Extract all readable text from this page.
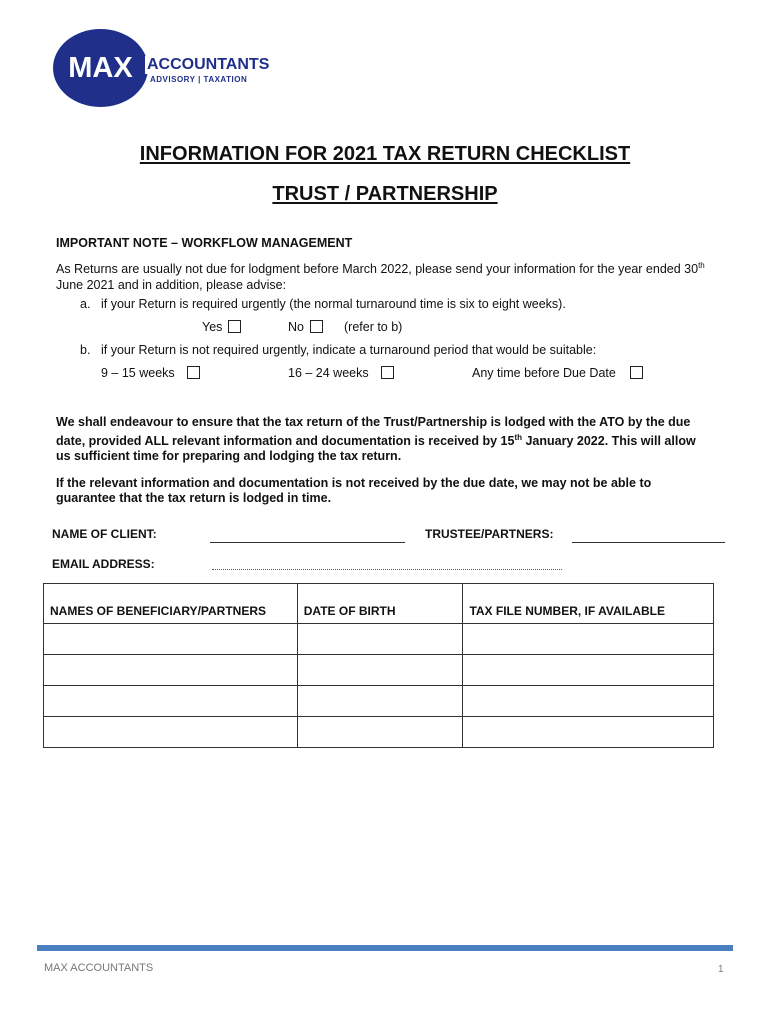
MAX ACCOUNTANTS
ADVISORY | TAXATION
INFORMATION FOR 2021 TAX RETURN CHECKLIST
TRUST / PARTNERSHIP
IMPORTANT NOTE – WORKFLOW MANAGEMENT
As Returns are usually not due for lodgment before March 2022, please send your information for the year ended 30th June 2021 and in addition, please advise:
a. if your Return is required urgently (the normal turnaround time is six to eight weeks).
Yes	No	(refer to b)
b. if your Return is not required urgently, indicate a turnaround period that would be suitable:
9 – 15 weeks	16 – 24 weeks	Any time before Due Date
We shall endeavour to ensure that the tax return of the Trust/Partnership is lodged with the ATO by the due date, provided ALL relevant information and documentation is received by 15th January 2022. This will allow us sufficient time for preparing and lodging the tax return.
If the relevant information and documentation is not received by the due date, we may not be able to guarantee that the tax return is lodged in time.
NAME OF CLIENT:	TRUSTEE/PARTNERS:
EMAIL ADDRESS:
NAMES OF BENEFICIARY/PARTNERS	DATE OF BIRTH	TAX FILE NUMBER, IF AVAILABLE

MAX ACCOUNTANTS	1
